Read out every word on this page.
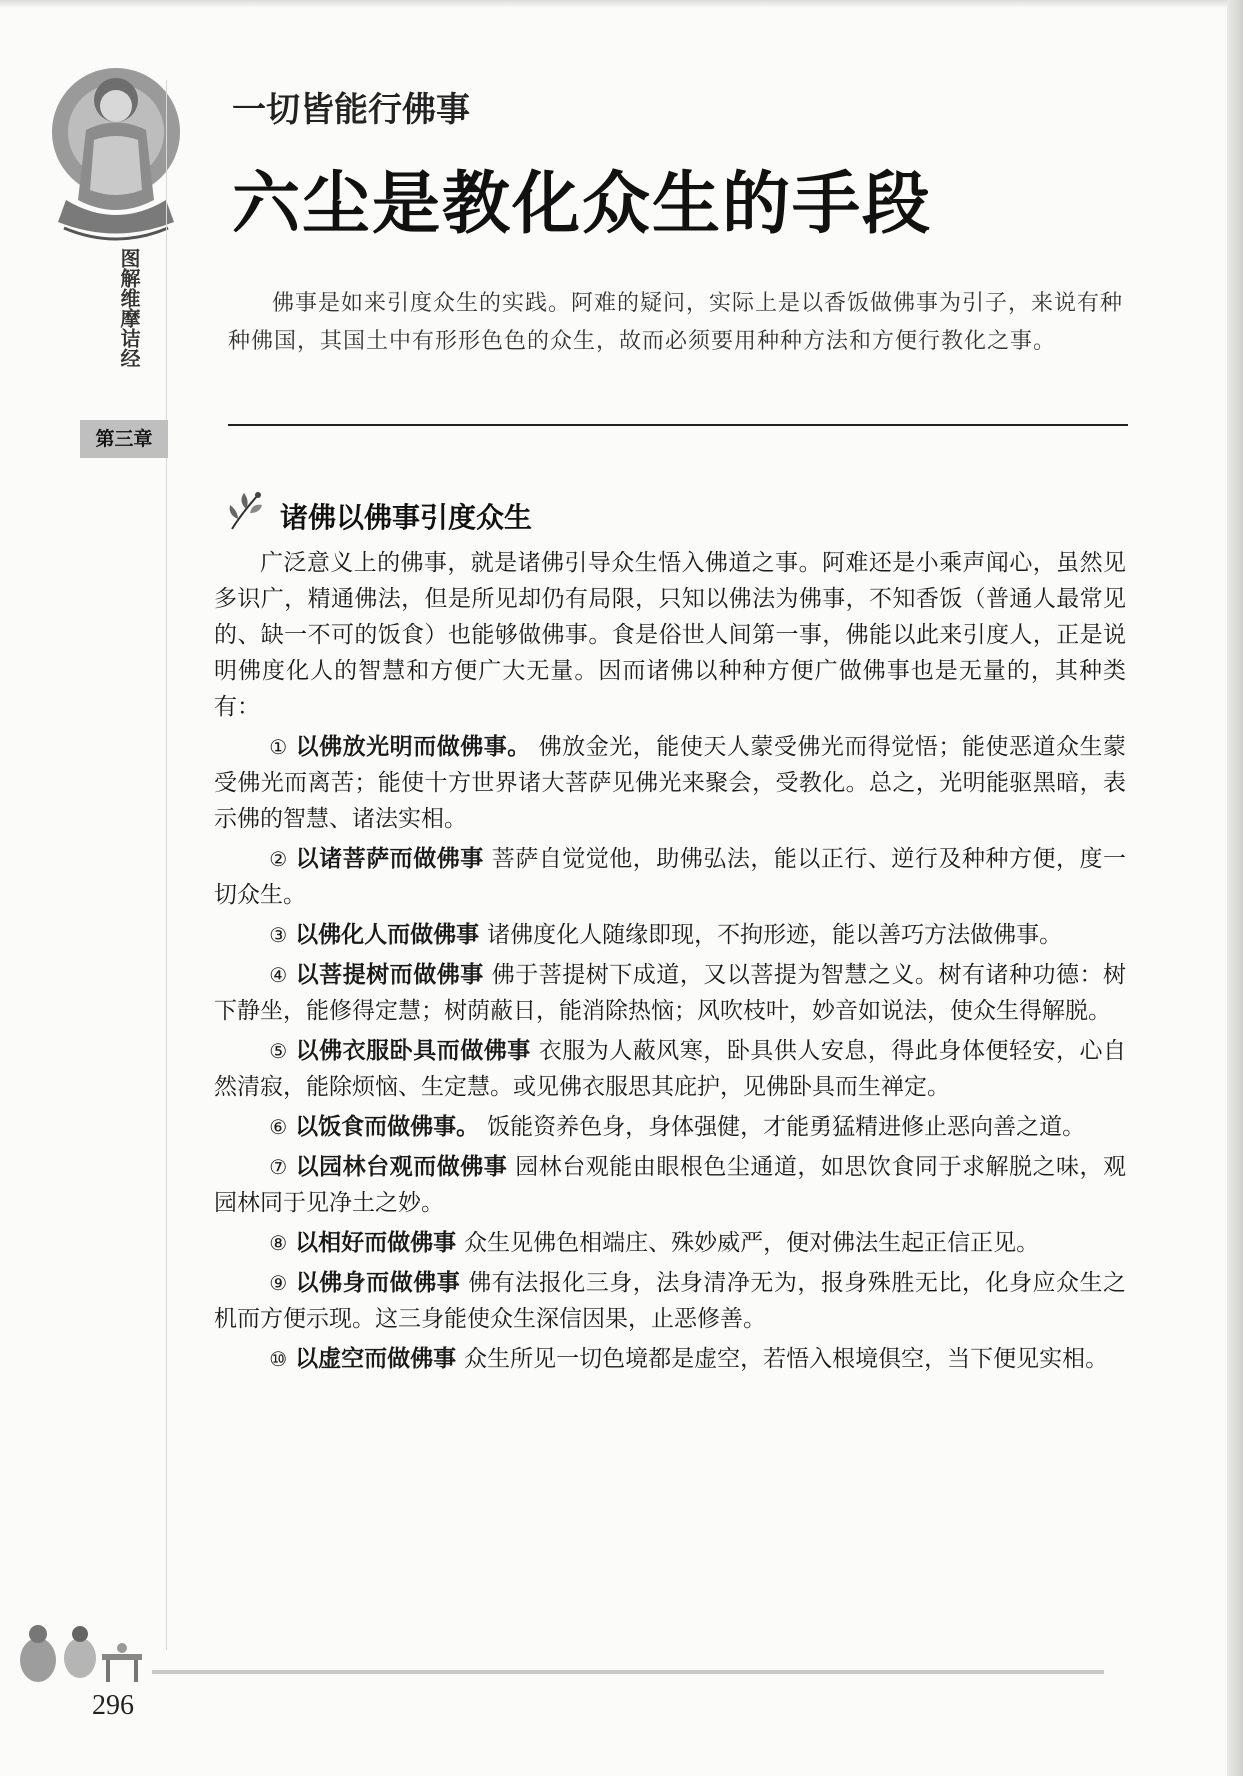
图解维摩诘经
第三章
一切皆能行佛事
六尘是教化众生的手段
佛事是如来引度众生的实践。阿难的疑问，实际上是以香饭做佛事为引子，来说有种种佛国，其国土中有形形色色的众生，故而必须要用种种方法和方便行教化之事。
诸佛以佛事引度众生

广泛意义上的佛事，就是诸佛引导众生悟入佛道之事。阿难还是小乘声闻心，虽然见多识广，精通佛法，但是所见却仍有局限，只知以佛法为佛事，不知香饭（普通人最常见的、缺一不可的饭食）也能够做佛事。食是俗世人间第一事，佛能以此来引度人，正是说明佛度化人的智慧和方便广大无量。因而诸佛以种种方便广做佛事也是无量的，其种类有：

① 以佛放光明而做佛事。 佛放金光，能使天人蒙受佛光而得觉悟；能使恶道众生蒙受佛光而离苦；能使十方世界诸大菩萨见佛光来聚会，受教化。总之，光明能驱黑暗，表示佛的智慧、诸法实相。

② 以诸菩萨而做佛事 菩萨自觉觉他，助佛弘法，能以正行、逆行及种种方便，度一切众生。

③ 以佛化人而做佛事 诸佛度化人随缘即现，不拘形迹，能以善巧方法做佛事。

④ 以菩提树而做佛事 佛于菩提树下成道，又以菩提为智慧之义。树有诸种功德：树下静坐，能修得定慧；树荫蔽日，能消除热恼；风吹枝叶，妙音如说法，使众生得解脱。

⑤ 以佛衣服卧具而做佛事 衣服为人蔽风寒，卧具供人安息，得此身体便轻安，心自然清寂，能除烦恼、生定慧。或见佛衣服思其庇护，见佛卧具而生禅定。

⑥ 以饭食而做佛事。 饭能资养色身，身体强健，才能勇猛精进修止恶向善之道。

⑦ 以园林台观而做佛事 园林台观能由眼根色尘通道，如思饮食同于求解脱之味，观园林同于见净土之妙。

⑧ 以相好而做佛事 众生见佛色相端庄、殊妙威严，便对佛法生起正信正见。

⑨ 以佛身而做佛事 佛有法报化三身，法身清净无为，报身殊胜无比，化身应众生之机而方便示现。这三身能使众生深信因果，止恶修善。

⑩ 以虚空而做佛事 众生所见一切色境都是虚空，若悟入根境俱空，当下便见实相。

296
